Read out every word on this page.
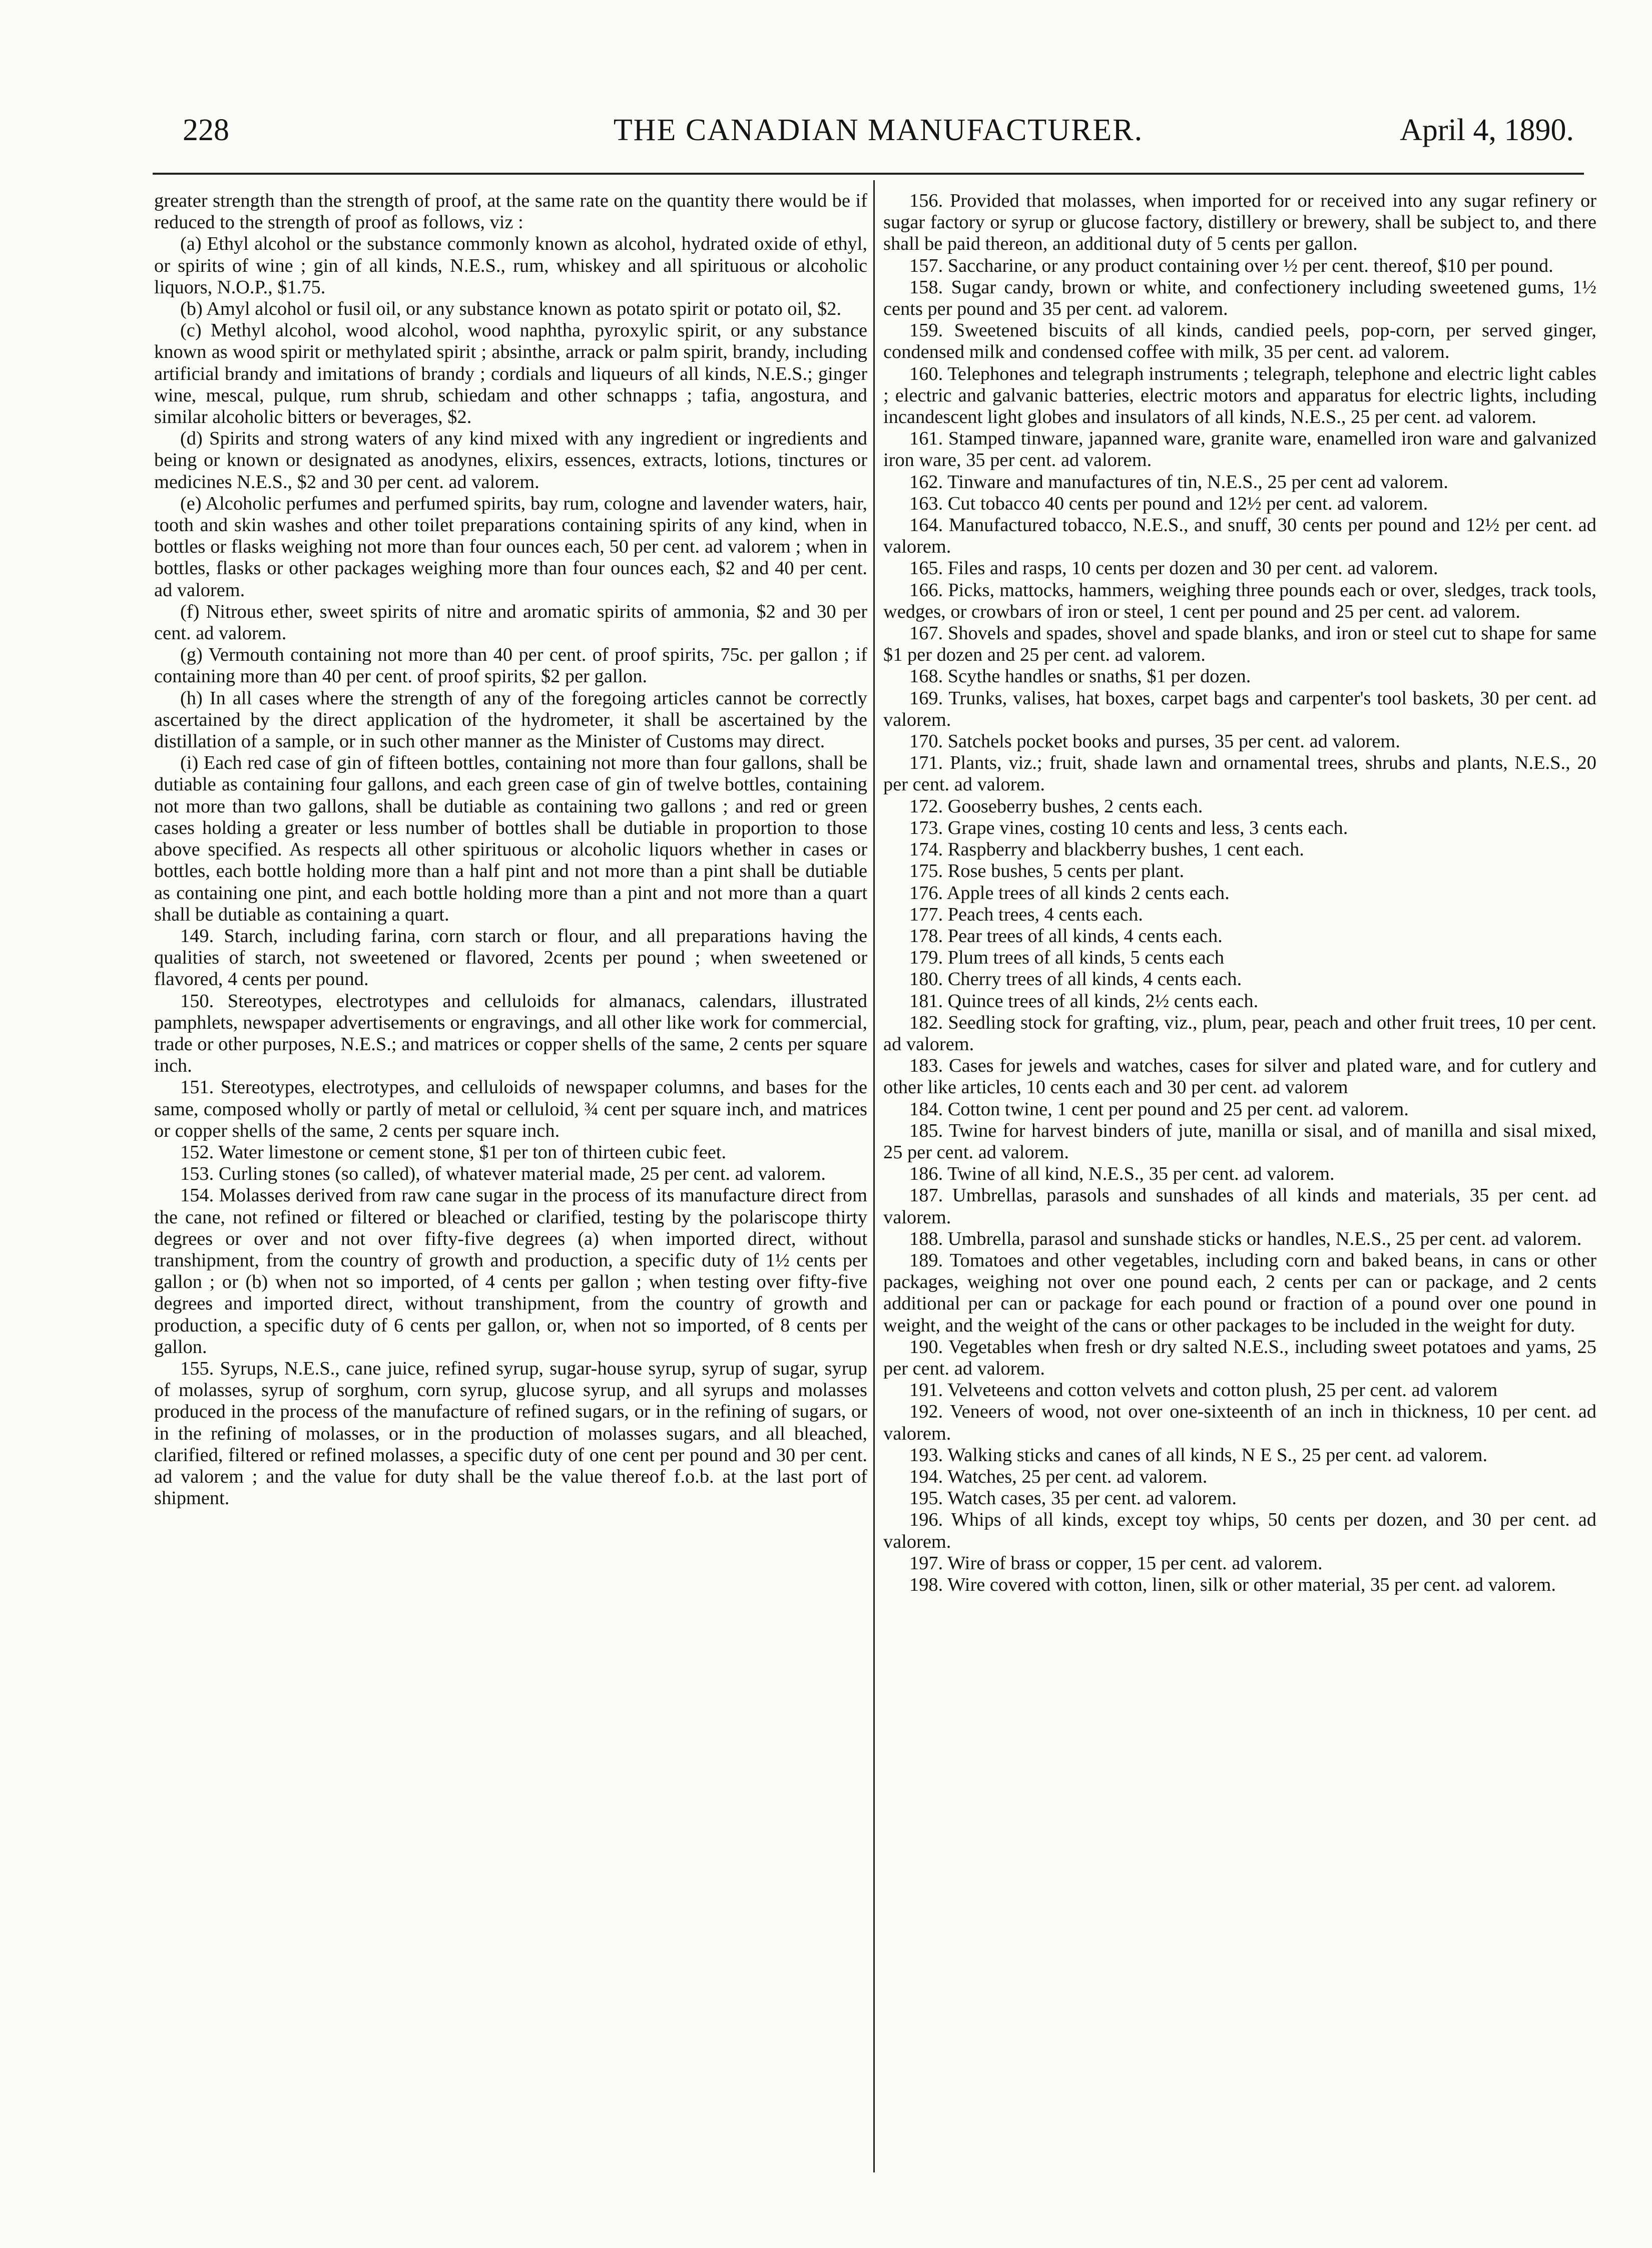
228	THE CANADIAN MANUFACTURER.	April 4, 1890.

greater strength than the strength of proof, at the same rate on the quantity there would be if reduced to the strength of proof as follows, viz :

(a) Ethyl alcohol or the substance commonly known as alcohol, hydrated oxide of ethyl, or spirits of wine ; gin of all kinds, N.E.S., rum, whiskey and all spirituous or alcoholic liquors, N.O.P., $1.75.

(b) Amyl alcohol or fusil oil, or any substance known as potato spirit or potato oil, $2.

(c) Methyl alcohol, wood alcohol, wood naphtha, pyroxylic spirit, or any substance known as wood spirit or methylated spirit ; absinthe, arrack or palm spirit, brandy, including artificial brandy and imitations of brandy ; cordials and liqueurs of all kinds, N.E.S.; ginger wine, mescal, pulque, rum shrub, schiedam and other schnapps ; tafia, angostura, and similar alcoholic bitters or beverages, $2.

(d) Spirits and strong waters of any kind mixed with any ingredient or ingredients and being or known or designated as anodynes, elixirs, essences, extracts, lotions, tinctures or medicines N.E.S., $2 and 30 per cent. ad valorem.

(e) Alcoholic perfumes and perfumed spirits, bay rum, cologne and lavender waters, hair, tooth and skin washes and other toilet preparations containing spirits of any kind, when in bottles or flasks weighing not more than four ounces each, 50 per cent. ad valorem ; when in bottles, flasks or other packages weighing more than four ounces each, $2 and 40 per cent. ad valorem.

(f) Nitrous ether, sweet spirits of nitre and aromatic spirits of ammonia, $2 and 30 per cent. ad valorem.

(g) Vermouth containing not more than 40 per cent. of proof spirits, 75c. per gallon ; if containing more than 40 per cent. of proof spirits, $2 per gallon.

(h) In all cases where the strength of any of the foregoing articles cannot be correctly ascertained by the direct application of the hydrometer, it shall be ascertained by the distillation of a sample, or in such other manner as the Minister of Customs may direct.

(i) Each red case of gin of fifteen bottles, containing not more than four gallons, shall be dutiable as containing four gallons, and each green case of gin of twelve bottles, containing not more than two gallons, shall be dutiable as containing two gallons ; and red or green cases holding a greater or less number of bottles shall be dutiable in proportion to those above specified. As respects all other spirituous or alcoholic liquors whether in cases or bottles, each bottle holding more than a half pint and not more than a pint shall be dutiable as containing one pint, and each bottle holding more than a pint and not more than a quart shall be dutiable as containing a quart.

149. Starch, including farina, corn starch or flour, and all preparations having the qualities of starch, not sweetened or flavored, 2cents per pound ; when sweetened or flavored, 4 cents per pound.

150. Stereotypes, electrotypes and celluloids for almanacs, calendars, illustrated pamphlets, newspaper advertisements or engravings, and all other like work for commercial, trade or other purposes, N.E.S.; and matrices or copper shells of the same, 2 cents per square inch.

151. Stereotypes, electrotypes, and celluloids of newspaper columns, and bases for the same, composed wholly or partly of metal or celluloid, ¾ cent per square inch, and matrices or copper shells of the same, 2 cents per square inch.

152. Water limestone or cement stone, $1 per ton of thirteen cubic feet.

153. Curling stones (so called), of whatever material made, 25 per cent. ad valorem.

154. Molasses derived from raw cane sugar in the process of its manufacture direct from the cane, not refined or filtered or bleached or clarified, testing by the polariscope thirty degrees or over and not over fifty-five degrees (a) when imported direct, without transhipment, from the country of growth and production, a specific duty of 1½ cents per gallon ; or (b) when not so imported, of 4 cents per gallon ; when testing over fifty-five degrees and imported direct, without transhipment, from the country of growth and production, a specific duty of 6 cents per gallon, or, when not so imported, of 8 cents per gallon.

155. Syrups, N.E.S., cane juice, refined syrup, sugar-house syrup, syrup of sugar, syrup of molasses, syrup of sorghum, corn syrup, glucose syrup, and all syrups and molasses produced in the process of the manufacture of refined sugars, or in the refining of sugars, or in the refining of molasses, or in the production of molasses sugars, and all bleached, clarified, filtered or refined molasses, a specific duty of one cent per pound and 30 per cent. ad valorem ; and the value for duty shall be the value thereof f.o.b. at the last port of shipment.

156. Provided that molasses, when imported for or received into any sugar refinery or sugar factory or syrup or glucose factory, distillery or brewery, shall be subject to, and there shall be paid thereon, an additional duty of 5 cents per gallon.

157. Saccharine, or any product containing over ½ per cent. thereof, $10 per pound.

158. Sugar candy, brown or white, and confectionery including sweetened gums, 1½ cents per pound and 35 per cent. ad valorem.

159. Sweetened biscuits of all kinds, candied peels, pop-corn, per served ginger, condensed milk and condensed coffee with milk, 35 per cent. ad valorem.

160. Telephones and telegraph instruments ; telegraph, telephone and electric light cables ; electric and galvanic batteries, electric motors and apparatus for electric lights, including incandescent light globes and insulators of all kinds, N.E.S., 25 per cent. ad valorem.

161. Stamped tinware, japanned ware, granite ware, enamelled iron ware and galvanized iron ware, 35 per cent. ad valorem.

162. Tinware and manufactures of tin, N.E.S., 25 per cent ad valorem.

163. Cut tobacco 40 cents per pound and 12½ per cent. ad valorem.

164. Manufactured tobacco, N.E.S., and snuff, 30 cents per pound and 12½ per cent. ad valorem.

165. Files and rasps, 10 cents per dozen and 30 per cent. ad valorem.

166. Picks, mattocks, hammers, weighing three pounds each or over, sledges, track tools, wedges, or crowbars of iron or steel, 1 cent per pound and 25 per cent. ad valorem.

167. Shovels and spades, shovel and spade blanks, and iron or steel cut to shape for same $1 per dozen and 25 per cent. ad valorem.

168. Scythe handles or snaths, $1 per dozen.

169. Trunks, valises, hat boxes, carpet bags and carpenter's tool baskets, 30 per cent. ad valorem.

170. Satchels pocket books and purses, 35 per cent. ad valorem.

171. Plants, viz.; fruit, shade lawn and ornamental trees, shrubs and plants, N.E.S., 20 per cent. ad valorem.

172. Gooseberry bushes, 2 cents each.

173. Grape vines, costing 10 cents and less, 3 cents each.

174. Raspberry and blackberry bushes, 1 cent each.

175. Rose bushes, 5 cents per plant.

176. Apple trees of all kinds 2 cents each.

177. Peach trees, 4 cents each.

178. Pear trees of all kinds, 4 cents each.

179. Plum trees of all kinds, 5 cents each

180. Cherry trees of all kinds, 4 cents each.

181. Quince trees of all kinds, 2½ cents each.

182. Seedling stock for grafting, viz., plum, pear, peach and other fruit trees, 10 per cent. ad valorem.

183. Cases for jewels and watches, cases for silver and plated ware, and for cutlery and other like articles, 10 cents each and 30 per cent. ad valorem

184. Cotton twine, 1 cent per pound and 25 per cent. ad valorem.

185. Twine for harvest binders of jute, manilla or sisal, and of manilla and sisal mixed, 25 per cent. ad valorem.

186. Twine of all kind, N.E.S., 35 per cent. ad valorem.

187. Umbrellas, parasols and sunshades of all kinds and materials, 35 per cent. ad valorem.

188. Umbrella, parasol and sunshade sticks or handles, N.E.S., 25 per cent. ad valorem.

189. Tomatoes and other vegetables, including corn and baked beans, in cans or other packages, weighing not over one pound each, 2 cents per can or package, and 2 cents additional per can or package for each pound or fraction of a pound over one pound in weight, and the weight of the cans or other packages to be included in the weight for duty.

190. Vegetables when fresh or dry salted N.E.S., including sweet potatoes and yams, 25 per cent. ad valorem.

191. Velveteens and cotton velvets and cotton plush, 25 per cent. ad valorem

192. Veneers of wood, not over one-sixteenth of an inch in thickness, 10 per cent. ad valorem.

193. Walking sticks and canes of all kinds, N E S., 25 per cent. ad valorem.

194. Watches, 25 per cent. ad valorem.

195. Watch cases, 35 per cent. ad valorem.

196. Whips of all kinds, except toy whips, 50 cents per dozen, and 30 per cent. ad valorem.

197. Wire of brass or copper, 15 per cent. ad valorem.

198. Wire covered with cotton, linen, silk or other material, 35 per cent. ad valorem.
